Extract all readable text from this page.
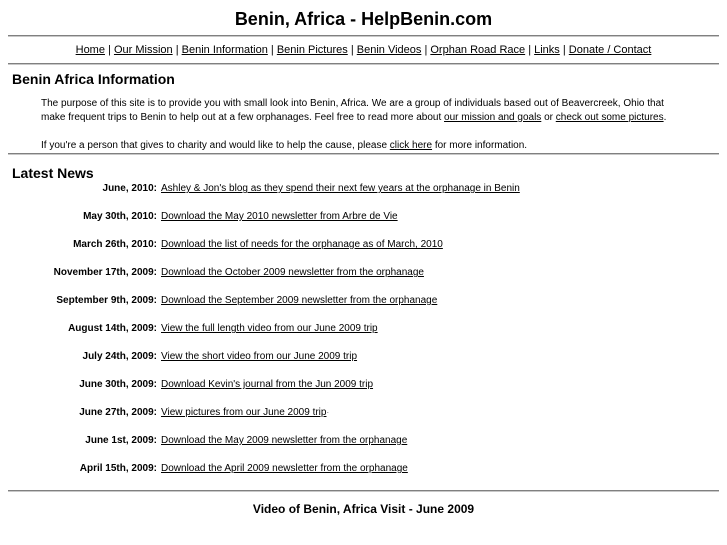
Benin, Africa - HelpBenin.com
Home | Our Mission | Benin Information | Benin Pictures | Benin Videos | Orphan Road Race | Links | Donate / Contact
Benin Africa Information

The purpose of this site is to provide you with small look into Benin, Africa. We are a group of individuals based out of Beavercreek, Ohio that make frequent trips to Benin to help out at a few orphanages. Feel free to read more about our mission and goals or check out some pictures.

If you're a person that gives to charity and would like to help the cause, please click here for more information.

Latest News
June, 2010: Ashley & Jon's blog as they spend their next few years at the orphanage in Benin
May 30th, 2010: Download the May 2010 newsletter from Arbre de Vie
March 26th, 2010: Download the list of needs for the orphanage as of March, 2010
November 17th, 2009: Download the October 2009 newsletter from the orphanage
September 9th, 2009: Download the September 2009 newsletter from the orphanage
August 14th, 2009: View the full length video from our June 2009 trip
July 24th, 2009: View the short video from our June 2009 trip
June 30th, 2009: Download Kevin's journal from the Jun 2009 trip
June 27th, 2009: View pictures from our June 2009 trip ·
June 1st, 2009: Download the May 2009 newsletter from the orphanage
April 15th, 2009: Download the April 2009 newsletter from the orphanage
Video of Benin, Africa Visit - June 2009
